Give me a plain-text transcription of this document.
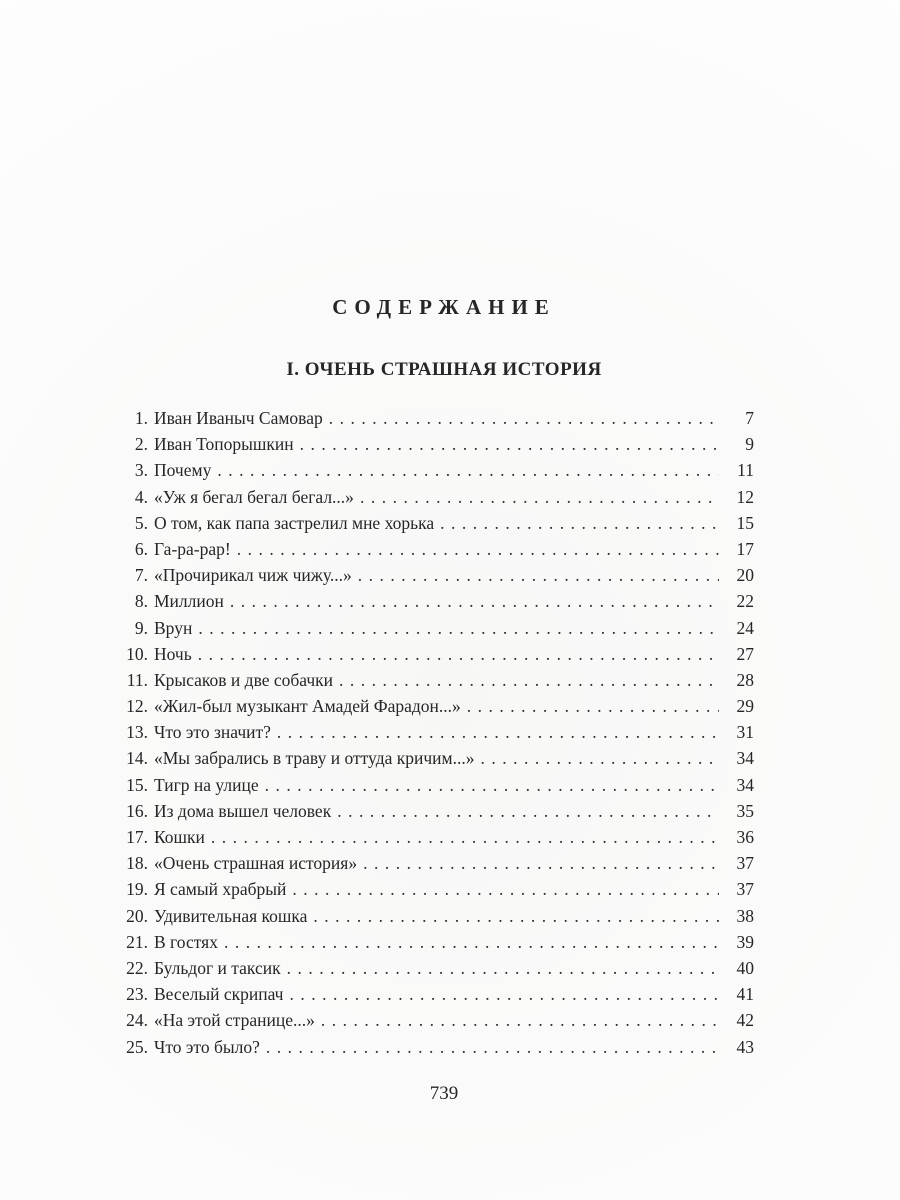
СОДЕРЖАНИЕ
I. ОЧЕНЬ СТРАШНАЯ ИСТОРИЯ
1. Иван Иваныч Самовар .....	7
2. Иван Топорышкин .....	9
3. Почему .....	11
4. «Уж я бегал бегал бегал...» .....	12
5. О том, как папа застрелил мне хорька .....	15
6. Га-ра-рар! .....	17
7. «Прочирикал чиж чижу...» .....	20
8. Миллион .....	22
9. Врун .....	24
10. Ночь .....	27
11. Крысаков и две собачки .....	28
12. «Жил-был музыкант Амадей Фарадон...» .....	29
13. Что это значит? .....	31
14. «Мы забрались в траву и оттуда кричим...» .....	34
15. Тигр на улице .....	34
16. Из дома вышел человек .....	35
17. Кошки .....	36
18. «Очень страшная история» .....	37
19. Я самый храбрый .....	37
20. Удивительная кошка .....	38
21. В гостях .....	39
22. Бульдог и таксик .....	40
23. Веселый скрипач .....	41
24. «На этой странице...» .....	42
25. Что это было? .....	43
739
